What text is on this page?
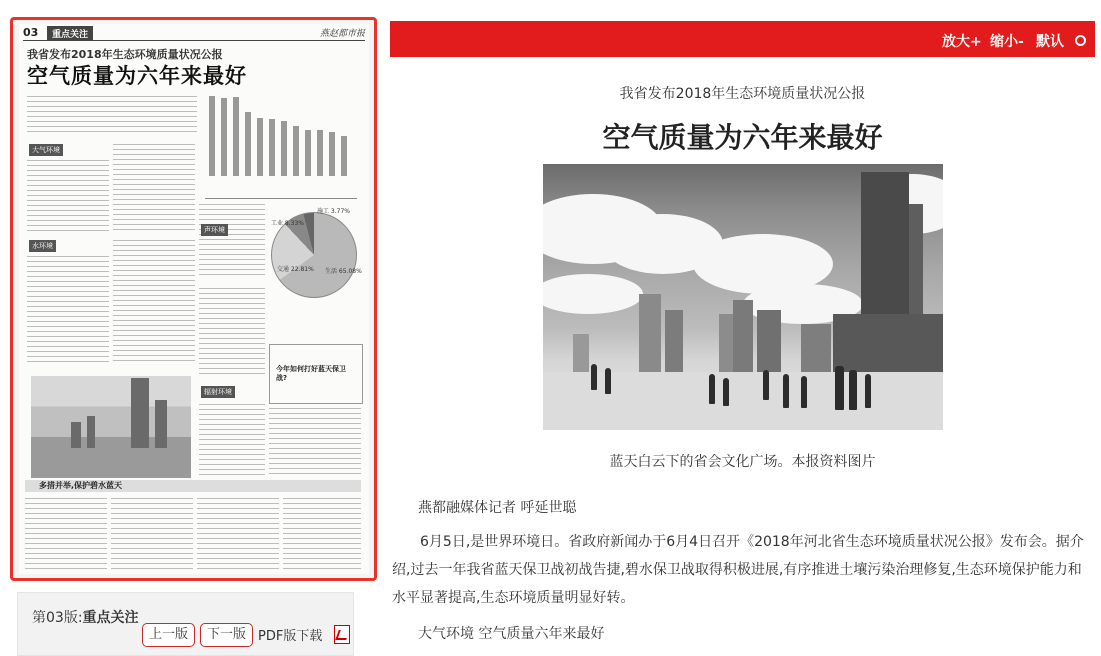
03	重点关注	燕赵都市报
我省发布2018年生态环境质量状况公报
空气质量为六年来最好
大气环境
水环境
声环境
辐射环境
施工 3.77%
工业 8.33%
交通 22.81% 生活 65.08%
今年如何打好蓝天保卫战?
多措并举,保护碧水蓝天
第03版:重点关注
上一版	下一版 PDF版下载
放大+ 缩小- 默认
我省发布2018年生态环境质量状况公报
空气质量为六年来最好
蓝天白云下的省会文化广场。本报资料图片
燕都融媒体记者 呼延世聪
6月5日,是世界环境日。省政府新闻办于6月4日召开《2018年河北省生态环境质量状况公报》发布会。据介绍,过去一年我省蓝天保卫战初战告捷,碧水保卫战取得积极进展,有序推进土壤污染治理修复,生态环境保护能力和水平显著提高,生态环境质量明显好转。
大气环境 空气质量六年来最好
